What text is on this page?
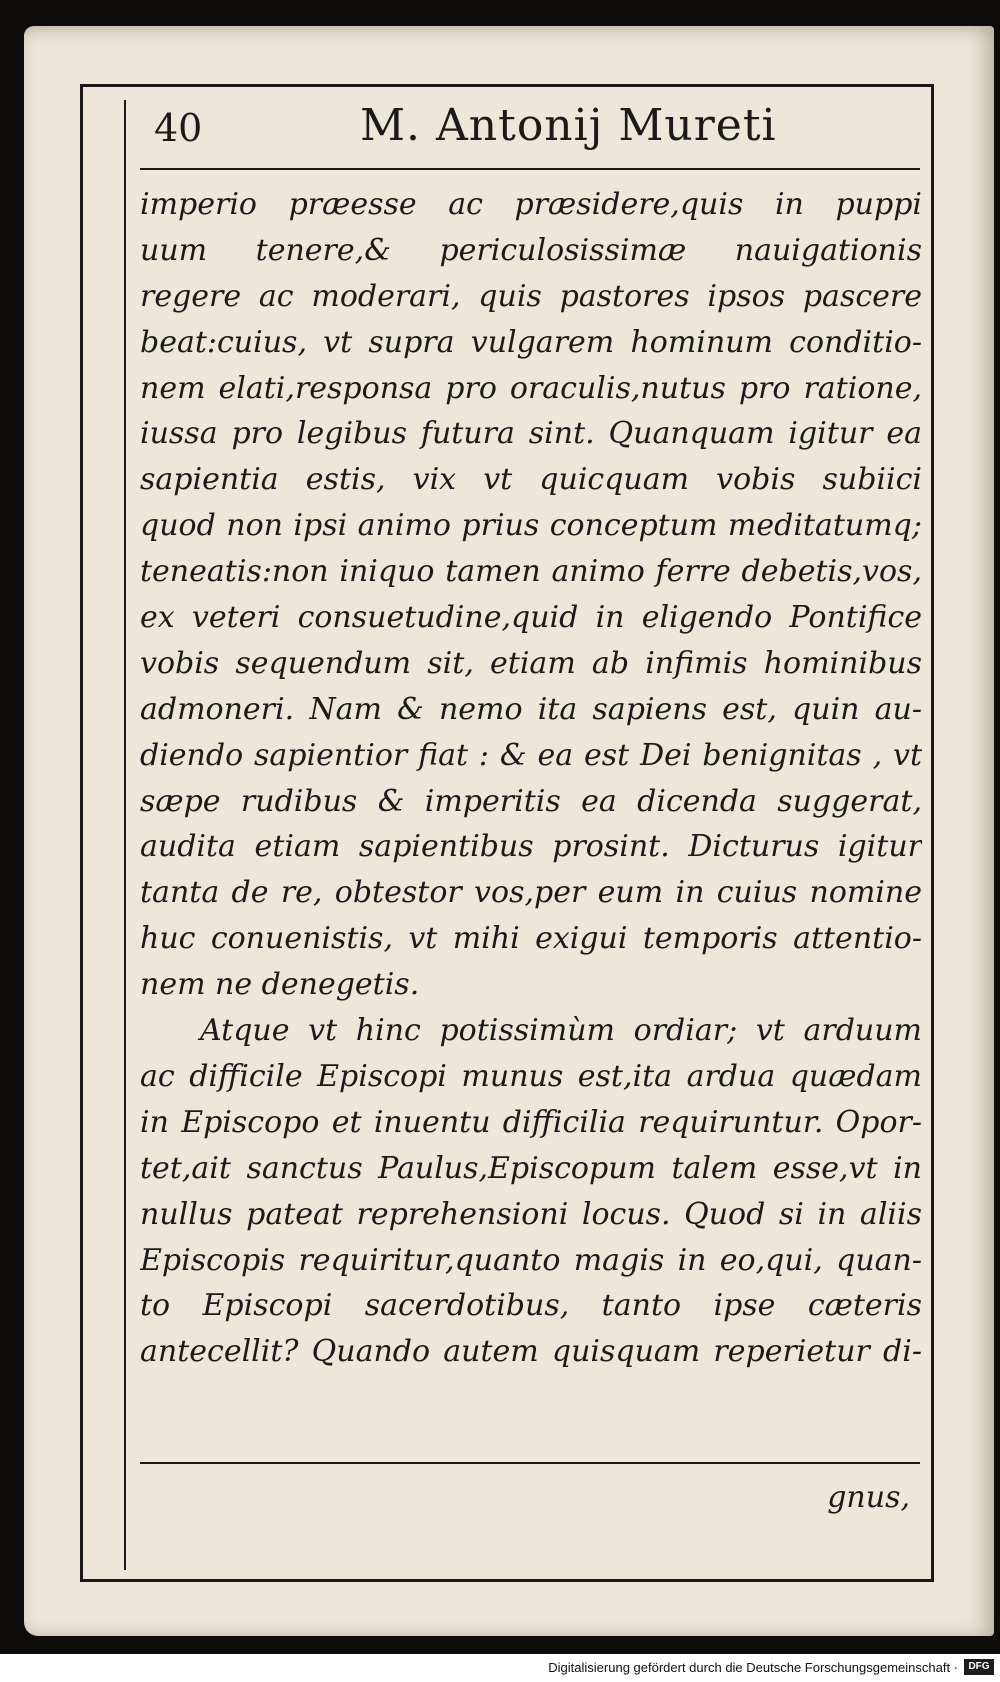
40	M. Antonij Mureti
imperio præesse ac præsidere,quis in puppi
uum tenere,& periculosissimæ nauigationis
regere ac moderari, quis pastores ipsos pascere
beat:cuius, vt supra vulgarem hominum conditio-
nem elati,responsa pro oraculis,nutus pro ratione,
iussa pro legibus futura sint. Quanquam igitur ea
sapientia estis, vix vt quicquam vobis subiici
quod non ipsi animo prius conceptum meditatumq;
teneatis:non iniquo tamen animo ferre debetis,vos,
ex veteri consuetudine,quid in eligendo Pontifice
vobis sequendum sit, etiam ab infimis hominibus
admoneri. Nam & nemo ita sapiens est, quin au-
diendo sapientior fiat : & ea est Dei benignitas , vt
sæpe rudibus & imperitis ea dicenda suggerat,
audita etiam sapientibus prosint. Dicturus igitur
tanta de re, obtestor vos,per eum in cuius nomine
huc conuenistis, vt mihi exigui temporis attentio-
nem ne denegetis.
Atque vt hinc potissimùm ordiar; vt arduum
ac difficile Episcopi munus est,ita ardua quædam
in Episcopo et inuentu difficilia requiruntur. Opor-
tet,ait sanctus Paulus,Episcopum talem esse,vt in
nullus pateat reprehensioni locus. Quod si in aliis
Episcopis requiritur,quanto magis in eo,qui, quan-
to Episcopi sacerdotibus, tanto ipse cæteris
antecellit? Quando autem quisquam reperietur di-
gnus,
Digitalisierung gefördert durch die Deutsche Forschungsgemeinschaft ·	DFG
